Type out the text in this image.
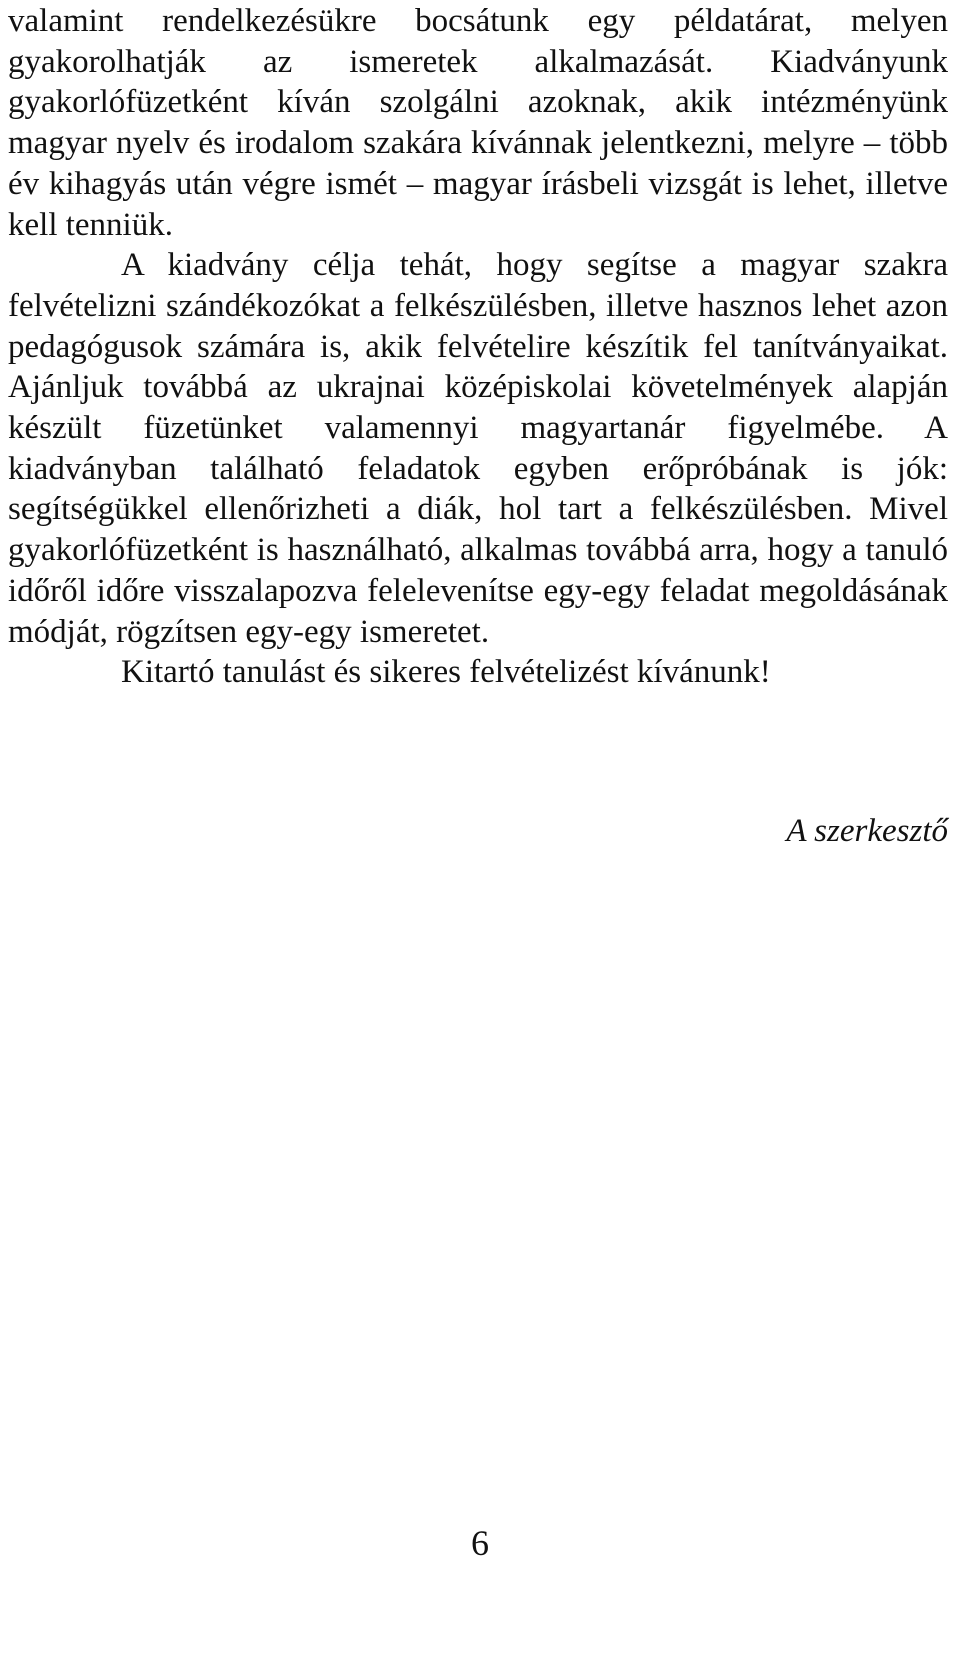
valamint rendelkezésükre bocsátunk egy példatárat, melyen gyakorolhatják az ismeretek alkalmazását. Kiadványunk gyakorlófüzetként kíván szolgálni azoknak, akik intézményünk magyar nyelv és irodalom szakára kívánnak jelentkezni, melyre – több év kihagyás után végre ismét – magyar írásbeli vizsgát is lehet, illetve kell tenniük.

A kiadvány célja tehát, hogy segítse a magyar szakra felvételizni szándékozókat a felkészülésben, illetve hasznos lehet azon pedagógusok számára is, akik felvételire készítik fel tanítványaikat. Ajánljuk továbbá az ukrajnai középiskolai követelmények alapján készült füzetünket valamennyi magyartanár figyelmébe. A kiadványban található feladatok egyben erőpróbának is jók: segítségükkel ellenőrizheti a diák, hol tart a felkészülésben. Mivel gyakorlófüzetként is használható, alkalmas továbbá arra, hogy a tanuló időről időre visszalapozva felelevenítse egy-egy feladat megoldásának módját, rögzítsen egy-egy ismeretet.

Kitartó tanulást és sikeres felvételizést kívánunk!

A szerkesztő
6
